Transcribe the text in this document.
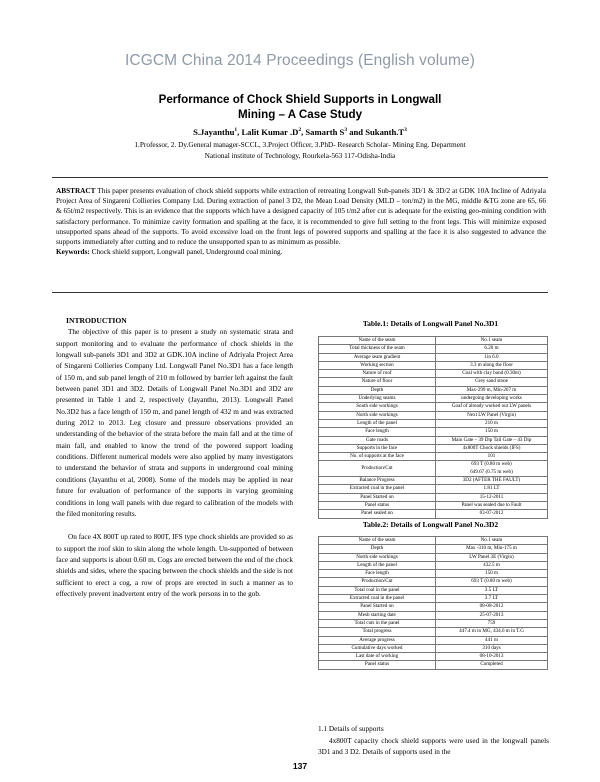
ICGCM China 2014 Proceedings (English volume)
Performance of Chock Shield Supports in Longwall
Mining – A Case Study
S.Jayanthu$^1$, Lalit Kumar $.D^2$, Samarth $S^3$ and $Sukanth.T^3$
1.Professor, 2. Dy.General manager-SCCL, 3.Project Officer, 3.PhD- Research Scholar- Mining Eng. Department
National institute of Technology, Rourkela-563 117-Odisha-India
ABSTRACT This paper presents evaluation of chock shield supports while extraction of retreating Longwall Sub-panels 3D/1 & 3D/2 at GDK 10A Incline of Adriyala Project Area of Singareni Collieries Company Ltd. During extraction of panel 3 D2, the Mean Load Density (MLD – ton/m2) in the MG, middle &TG zone are 65, 66 & 65t/m2 respectively. This is an evidence that the supports which have a designed capacity of 105 t/m2 after cut is adequate for the existing geo-mining condition with satisfactory performance. To minimize cavity formation and spalling at the face, it is recommended to give full setting to the front legs. This will minimize exposed unsupported spans ahead of the supports. To avoid excessive load on the front legs of powered supports and spalling at the face it is also suggested to advance the supports immediately after cutting and to reduce the unsupported span to as minimum as possible.
Keywords: Chock shield support, Longwall panel, Underground coal mining.
INTRODUCTION

The objective of this paper is to present a study on systematic strata and support monitoring and to evaluate the performance of chock shields in the longwall sub-panels 3D1 and 3D2 at GDK.10A incline of Adriyala Project Area of Singareni Collieries Company Ltd. Longwall Panel No.3D1 has a face length of 150 m, and sub panel length of 210 m followed by barrier left against the fault between panel 3D1 and 3D2. Details of Longwall Panel No.3D1 and 3D2 are presented in Table 1 and 2, respectively (Jayanthu, 2013). Longwall Panel No.3D2 has a face length of 150 m, and panel length of 432 m and was extracted during 2012 to 2013. Leg closure and pressure observations provided an understanding of the behavior of the strata before the main fall and at the time of main fall, and enabled to know the trend of the powered support loading conditions. Different numerical models were also applied by many investigators to understand the behavior of strata and supports in underground coal mining conditions (Jayanthu et al, 2008). Some of the models may be applied in near future for evaluation of performance of the supports in varying geomining conditions in long wall panels with due regard to calibration of the models with the filed monitoring results.

On face 4X 800T up rated to 800T, IFS type chock shields are provided so as to support the roof skin to skin along the whole length. Un-supported of between face and supports is about 0.60 m. Cogs are erected between the end of the chock shields and sides, where the spacing between the chock shields and the side is not sufficient to erect a cog, a row of props are erected in such a manner as to effectively prevent inadvertent entry of the work persons in to the gob.

Table.1: Details of Longwall Panel No.3D1
Name of the seam	No.1 seam
Total thickness of the seam	6.20 m
Average seam gradient	1in 6.0
Working section	3.3 m along the floor
Nature of roof	Coal with clay band (0.30m)
Nature of floor	Grey sand stone
Depth	Max-299 m, Min-267 m
Underlying seams	undergoing developing works
South side workings	Goaf of already worked out LW panels
North side workings	Next LW Panel (Virgin)
Length of the panel	210 m
Face length	150 m
Gate roads	Main Gate – 39 Dip Tail Gate – 43 Dip
Supports in the face	4x800T Chock shields (IFS)
No. of supports at the face	101
Production/Cut	693 T (0.80 m web)
649.67 (0.75 m web)
Balance Progress	3D2 (AFTER THE FAULT)
Extracted coal in the panel	1.81 LT
Panel Started on	15-12-2011
Panel status	Panel was sealed due to Fault
Panel sealed on	03-07-2012
Table.2: Details of Longwall Panel No.3D2
Name of the seam	No.1 seam
Depth	Max -310 m, Min-175 m
North side workings	LW Panel 3E (Virgin)
Length of the panel	432.5 m
Face length	150 m
Production/Cut	693 T (0.80 m web)
Total coal in the panel	3.5 LT
Extracted coal in the panel	3.7 LT
Panel Started on	08-08-2012
Mesh starting date	25-07-2013
Total cuts in the panel	759
Total progress	447.4 m in MG, 434.6 m in T.G
Average progress	441 m
Cumulative days worked	310 days
Last date of working	08-10-2013
Panel status	Completed
1.1 Details of supports

4x800T capacity chock shield supports were used in the longwall panels 3D1 and 3 D2. Details of supports used in the

137
